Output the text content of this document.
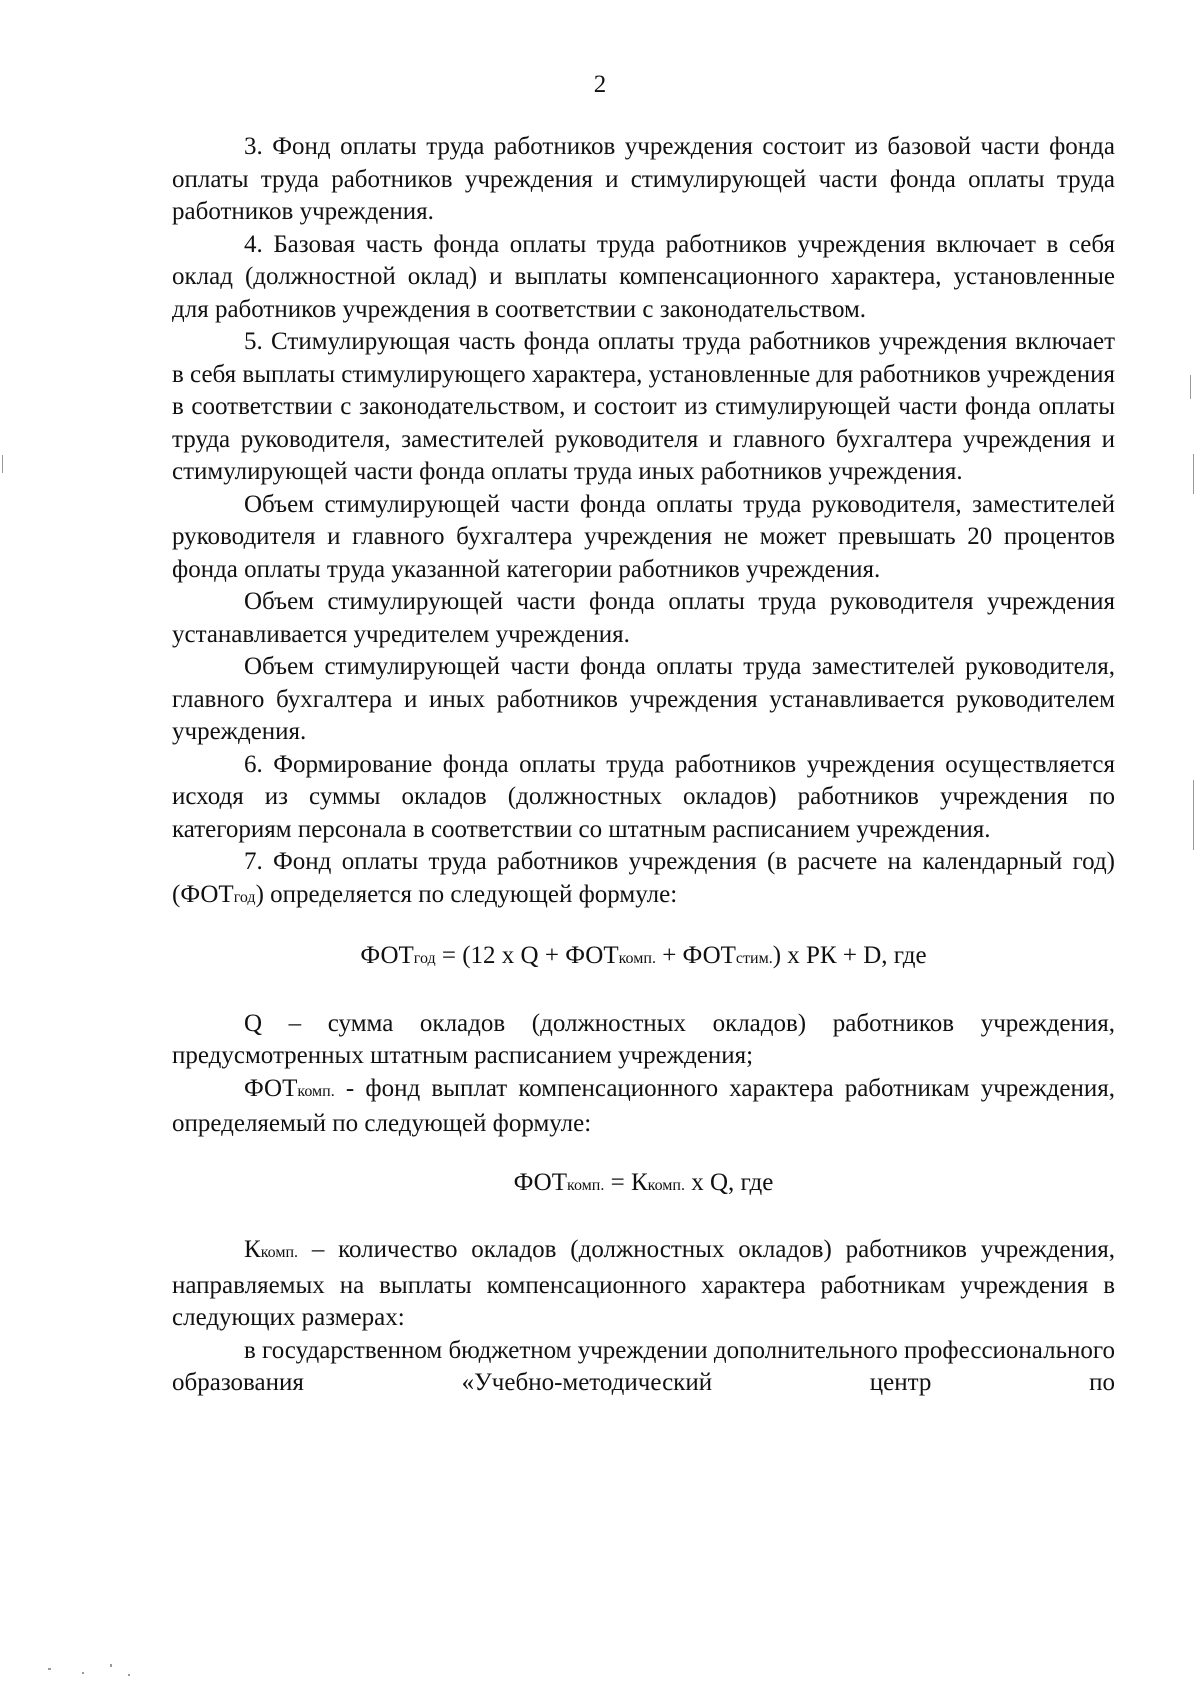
2

3. Фонд оплаты труда работников учреждения состоит из базовой части фонда оплаты труда работников учреждения и стимулирующей части фонда оплаты труда работников учреждения.

4. Базовая часть фонда оплаты труда работников учреждения включает в себя оклад (должностной оклад) и выплаты компенсационного характера, установленные для работников учреждения в соответствии с законодательством.

5. Стимулирующая часть фонда оплаты труда работников учреждения включает в себя выплаты стимулирующего характера, установленные для работников учреждения в соответствии с законодательством, и состоит из стимулирующей части фонда оплаты труда руководителя, заместителей руководителя и главного бухгалтера учреждения и стимулирующей части фонда оплаты труда иных работников учреждения.

Объем стимулирующей части фонда оплаты труда руководителя, заместителей руководителя и главного бухгалтера учреждения не может превышать 20 процентов фонда оплаты труда указанной категории работников учреждения.

Объем стимулирующей части фонда оплаты труда руководителя учреждения устанавливается учредителем учреждения.

Объем стимулирующей части фонда оплаты труда заместителей руководителя, главного бухгалтера и иных работников учреждения устанавливается руководителем учреждения.

6. Формирование фонда оплаты труда работников учреждения осуществляется исходя из суммы окладов (должностных окладов) работников учреждения по категориям персонала в соответствии со штатным расписанием учреждения.

7. Фонд оплаты труда работников учреждения (в расчете на календарный год) (ФОТгод) определяется по следующей формуле:

ФОТгод = (12 х Q + ФОТкомп. + ФОТстим.) х РК + D, где

Q – сумма окладов (должностных окладов) работников учреждения, предусмотренных штатным расписанием учреждения;

ФОТкомп. - фонд выплат компенсационного характера работникам учреждения, определяемый по следующей формуле:

ФОТкомп. = Ккомп. х Q, где

Ккомп. – количество окладов (должностных окладов) работников учреждения, направляемых на выплаты компенсационного характера работникам учреждения в следующих размерах:

в государственном бюджетном учреждении дополнительного профессионального образования «Учебно-методический центр по
